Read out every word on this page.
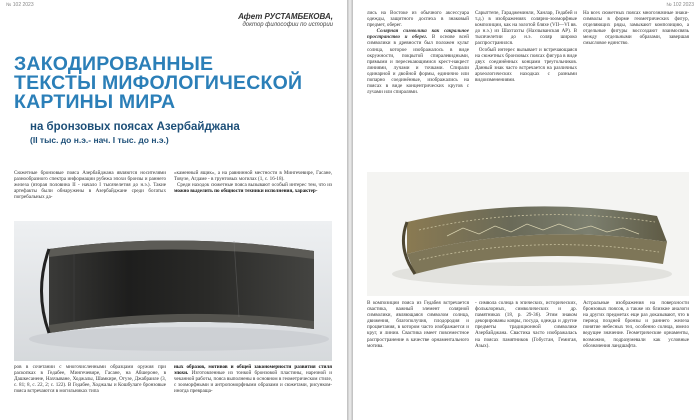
№ 102 2023
Афет РУСТАМБЕКОВА,
доктор философии по истории
ЗАКОДИРОВАННЫЕ
ТЕКСТЫ МИФОЛОГИЧЕСКОЙ
КАРТИНЫ МИРА
на бронзовых поясах Азербайджана
(II тыс. до н.э.- нач. I тыс. до н.э.)
Сюжетные бронзовые пояса Азербайджана являются носителями разнообразного спектра информации рубежа эпохи бронзы и раннего железа (вторая половина II - начало I тысячелетия до н.э.). Такие артефакты были обнаружены в Азербайджане среди богатых погребальных да-
«каменный ящик», а на равнинной местности в Мингечевире, Гасане, Товузе, Агдаме - в грунтовых могилах (1, с. 16-18).
Среди находок сюжетные пояса вызывают особый интерес тем, что из можно выделить по общности техники исполнения, характер-
ров в сочетании с многочисленными образцами оружия при раскопках в Гедабее, Мингечевире, Гасане, на Абшероне, в Дашкесаненe, Нахчыване, Ходжалы, Шамкире, Огузе, Джабраиле (3, с. 81; 8, с. 22, 2; с. 122). В Гедабее, Ходжалы и Кошбулаге бронзовые пояса встречаются в могильниках типа
ных образов, мотивов и общей закономерности развития стиля эпохи. Изготовленные из тонкой бронзовой пластины, нарезной и чеканной работы, пояса выполнены в основном в геометрическом стиле, с зооморфными и антропоморфными образами и сюжетами, рисунком-иногда превраща-
№ 102 2023
лись на Востоке из обычного аксессуара одежды, защитного доспеха в знаковый предмет, оберег.
Солярная символика как сакральное пространство и оберег. В основе всей символики в древности был положен культ солнца, которое изображалось в виде окружности, покрытой спиралевидными, прямыми и пересекающимися крест-накрест линиями, лучами и точками. Спирали одинарной и двойной формы, единично или попарно соединённые, изображались на поясах в виде концентрических кругов с лучами или спиралями.
Сарыттепе, Гараджеминли, Ханлар, Гедабей и т.д.) в изображениях солярно-зооморфные композиции, как на золотой бляхе (VII—VI вв. до н.э.) из Шахтахты (Нахчыванская АР). В тысячелетии до н.э. соляр широко распространился.
Особый интерес вызывает и встречающаяся на сюжетных бронзовых поясах фигура в виде двух соединённых концами треугольников. Данный знак часто встречается на различных археологических находках с разными видоизменениями.
На всех сюжетных поясах многозначные знаки-символы в форме геометрических фигур, отделяющих ряды, замыкают композицию, а отдельные фигуры воссоздают взаимосвязь между отдельными образами, завершая смысловое единство.
В композиции пояса из Гедабея встречается свастика, важный элемент солярной символики, являющаяся символом солнца, движения, благополучия, плодородия и процветания, в котором часто изображается и круг, и линии. Свастика имеет повсеместное распространение в качестве орнаментального мотива.
- символа солнца в эпических, исторических, фольклорных, символических и др. памятниках (18, p. 29-36). Этим знаком декорированы ковры, посуда, одежда и другие предметы традиционной символике Азербайджана. Свастика часто изображалась на поясах памятников (Гобустан, Гемигая, Азых).
Астральные изображения на поверхности бронзовых поясов, а также их близкие аналоги на других предметах еще раз доказывают, что в период поздней бронзы и раннего железа понятие небесных тел, особенно солнца, имело ведущее значение. Геометрические орнаменты, возможно, подразумевали как условные обозначения ландшафта.
